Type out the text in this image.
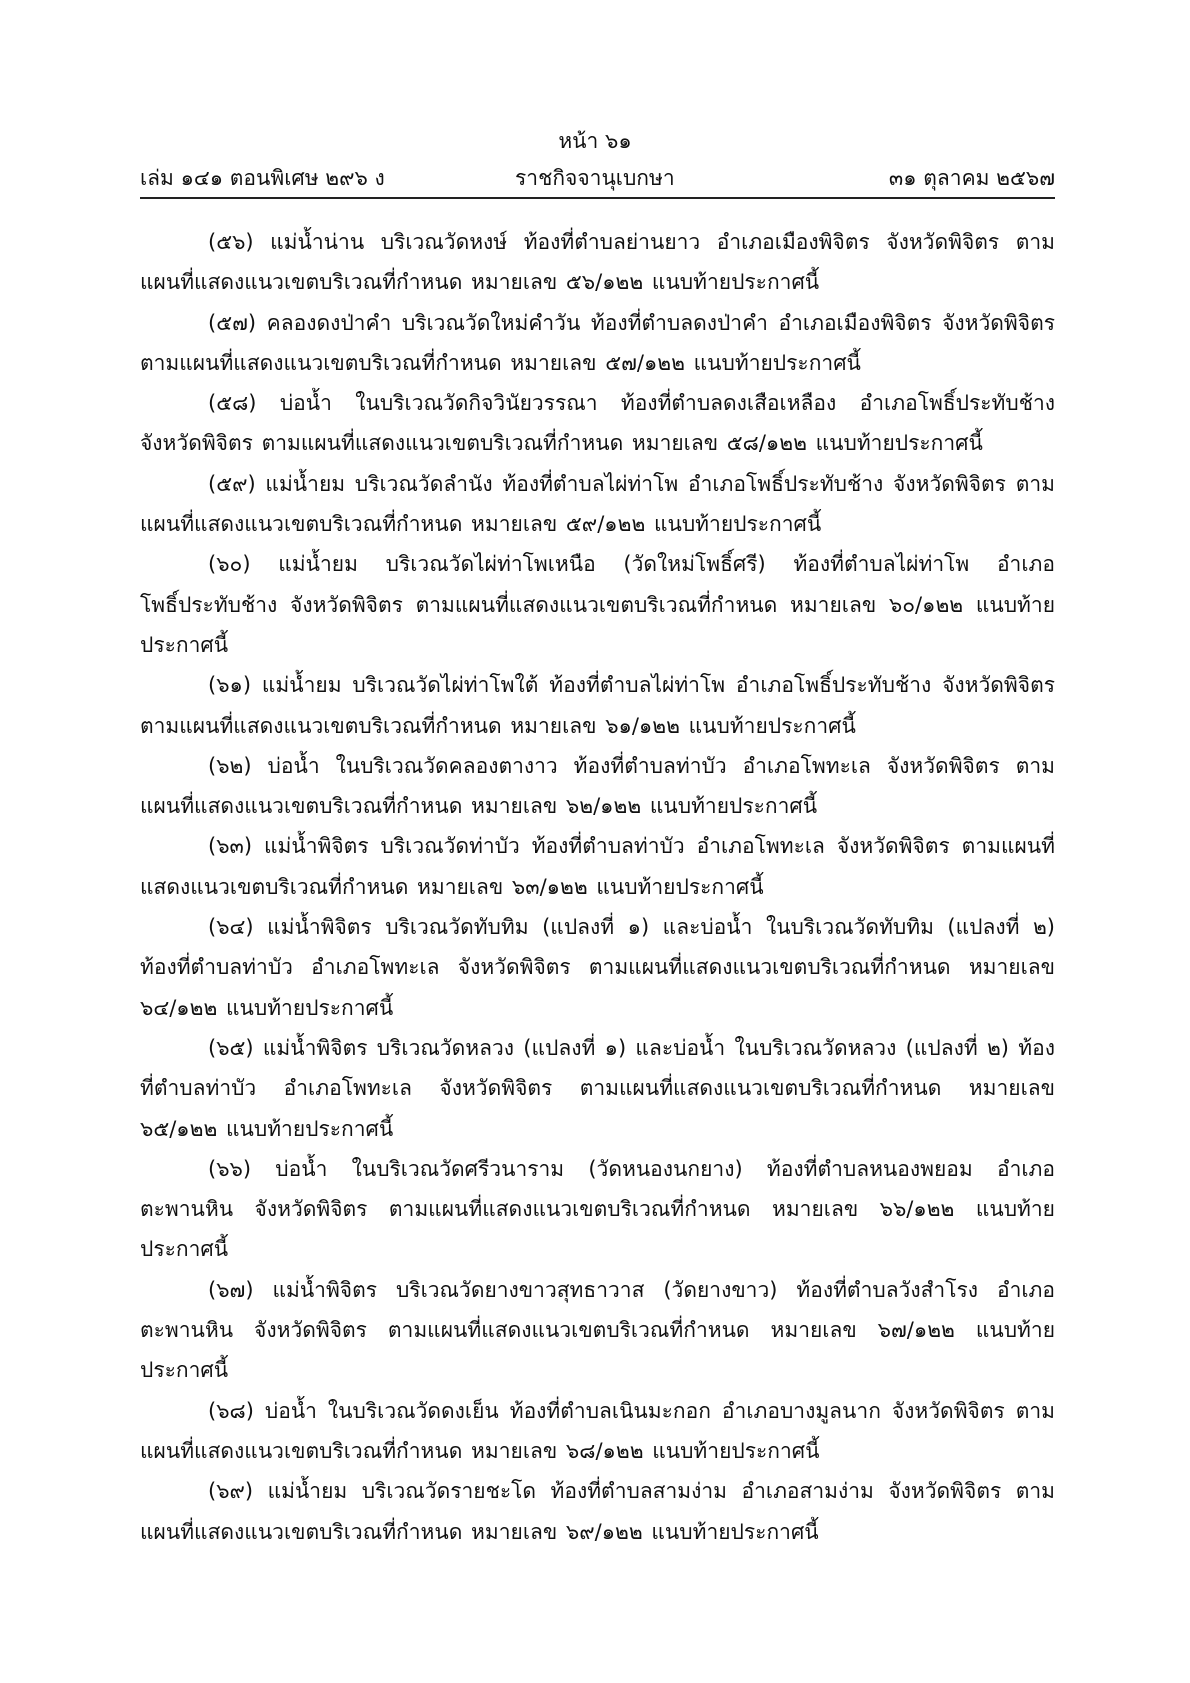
หน้า ๖๑

เล่ม ๑๔๑ ตอนพิเศษ ๒๙๖ ง	ราชกิจจานุเบกษา	๓๑ ตุลาคม ๒๕๖๗

(๕๖) แม่น้ำน่าน บริเวณวัดหงษ์ ท้องที่ตำบลย่านยาว อำเภอเมืองพิจิตร จังหวัดพิจิตร ตามแผนที่แสดงแนวเขตบริเวณที่กำหนด หมายเลข ๕๖/๑๒๒ แนบท้ายประกาศนี้

(๕๗) คลองดงป่าคำ บริเวณวัดใหม่คำวัน ท้องที่ตำบลดงป่าคำ อำเภอเมืองพิจิตร จังหวัดพิจิตร ตามแผนที่แสดงแนวเขตบริเวณที่กำหนด หมายเลข ๕๗/๑๒๒ แนบท้ายประกาศนี้

(๕๘) บ่อน้ำ ในบริเวณวัดกิจวินัยวรรณา ท้องที่ตำบลดงเสือเหลือง อำเภอโพธิ์ประทับช้าง จังหวัดพิจิตร ตามแผนที่แสดงแนวเขตบริเวณที่กำหนด หมายเลข ๕๘/๑๒๒ แนบท้ายประกาศนี้

(๕๙) แม่น้ำยม บริเวณวัดลำนัง ท้องที่ตำบลไผ่ท่าโพ อำเภอโพธิ์ประทับช้าง จังหวัดพิจิตร ตามแผนที่แสดงแนวเขตบริเวณที่กำหนด หมายเลข ๕๙/๑๒๒ แนบท้ายประกาศนี้

(๖๐) แม่น้ำยม บริเวณวัดไผ่ท่าโพเหนือ (วัดใหม่โพธิ์ศรี) ท้องที่ตำบลไผ่ท่าโพ อำเภอโพธิ์ประทับช้าง จังหวัดพิจิตร ตามแผนที่แสดงแนวเขตบริเวณที่กำหนด หมายเลข ๖๐/๑๒๒ แนบท้ายประกาศนี้

(๖๑) แม่น้ำยม บริเวณวัดไผ่ท่าโพใต้ ท้องที่ตำบลไผ่ท่าโพ อำเภอโพธิ์ประทับช้าง จังหวัดพิจิตร ตามแผนที่แสดงแนวเขตบริเวณที่กำหนด หมายเลข ๖๑/๑๒๒ แนบท้ายประกาศนี้

(๖๒) บ่อน้ำ ในบริเวณวัดคลองตางาว ท้องที่ตำบลท่าบัว อำเภอโพทะเล จังหวัดพิจิตร ตามแผนที่แสดงแนวเขตบริเวณที่กำหนด หมายเลข ๖๒/๑๒๒ แนบท้ายประกาศนี้

(๖๓) แม่น้ำพิจิตร บริเวณวัดท่าบัว ท้องที่ตำบลท่าบัว อำเภอโพทะเล จังหวัดพิจิตร ตามแผนที่แสดงแนวเขตบริเวณที่กำหนด หมายเลข ๖๓/๑๒๒ แนบท้ายประกาศนี้

(๖๔) แม่น้ำพิจิตร บริเวณวัดทับทิม (แปลงที่ ๑) และบ่อน้ำ ในบริเวณวัดทับทิม (แปลงที่ ๒) ท้องที่ตำบลท่าบัว อำเภอโพทะเล จังหวัดพิจิตร ตามแผนที่แสดงแนวเขตบริเวณที่กำหนด หมายเลข ๖๔/๑๒๒ แนบท้ายประกาศนี้

(๖๕) แม่น้ำพิจิตร บริเวณวัดหลวง (แปลงที่ ๑) และบ่อน้ำ ในบริเวณวัดหลวง (แปลงที่ ๒) ท้องที่ตำบลท่าบัว อำเภอโพทะเล จังหวัดพิจิตร ตามแผนที่แสดงแนวเขตบริเวณที่กำหนด หมายเลข ๖๕/๑๒๒ แนบท้ายประกาศนี้

(๖๖) บ่อน้ำ ในบริเวณวัดศรีวนาราม (วัดหนองนกยาง) ท้องที่ตำบลหนองพยอม อำเภอตะพานหิน จังหวัดพิจิตร ตามแผนที่แสดงแนวเขตบริเวณที่กำหนด หมายเลข ๖๖/๑๒๒ แนบท้ายประกาศนี้

(๖๗) แม่น้ำพิจิตร บริเวณวัดยางขาวสุทธาวาส (วัดยางขาว) ท้องที่ตำบลวังสำโรง อำเภอตะพานหิน จังหวัดพิจิตร ตามแผนที่แสดงแนวเขตบริเวณที่กำหนด หมายเลข ๖๗/๑๒๒ แนบท้ายประกาศนี้

(๖๘) บ่อน้ำ ในบริเวณวัดดงเย็น ท้องที่ตำบลเนินมะกอก อำเภอบางมูลนาก จังหวัดพิจิตร ตามแผนที่แสดงแนวเขตบริเวณที่กำหนด หมายเลข ๖๘/๑๒๒ แนบท้ายประกาศนี้

(๖๙) แม่น้ำยม บริเวณวัดรายชะโด ท้องที่ตำบลสามง่าม อำเภอสามง่าม จังหวัดพิจิตร ตามแผนที่แสดงแนวเขตบริเวณที่กำหนด หมายเลข ๖๙/๑๒๒ แนบท้ายประกาศนี้
